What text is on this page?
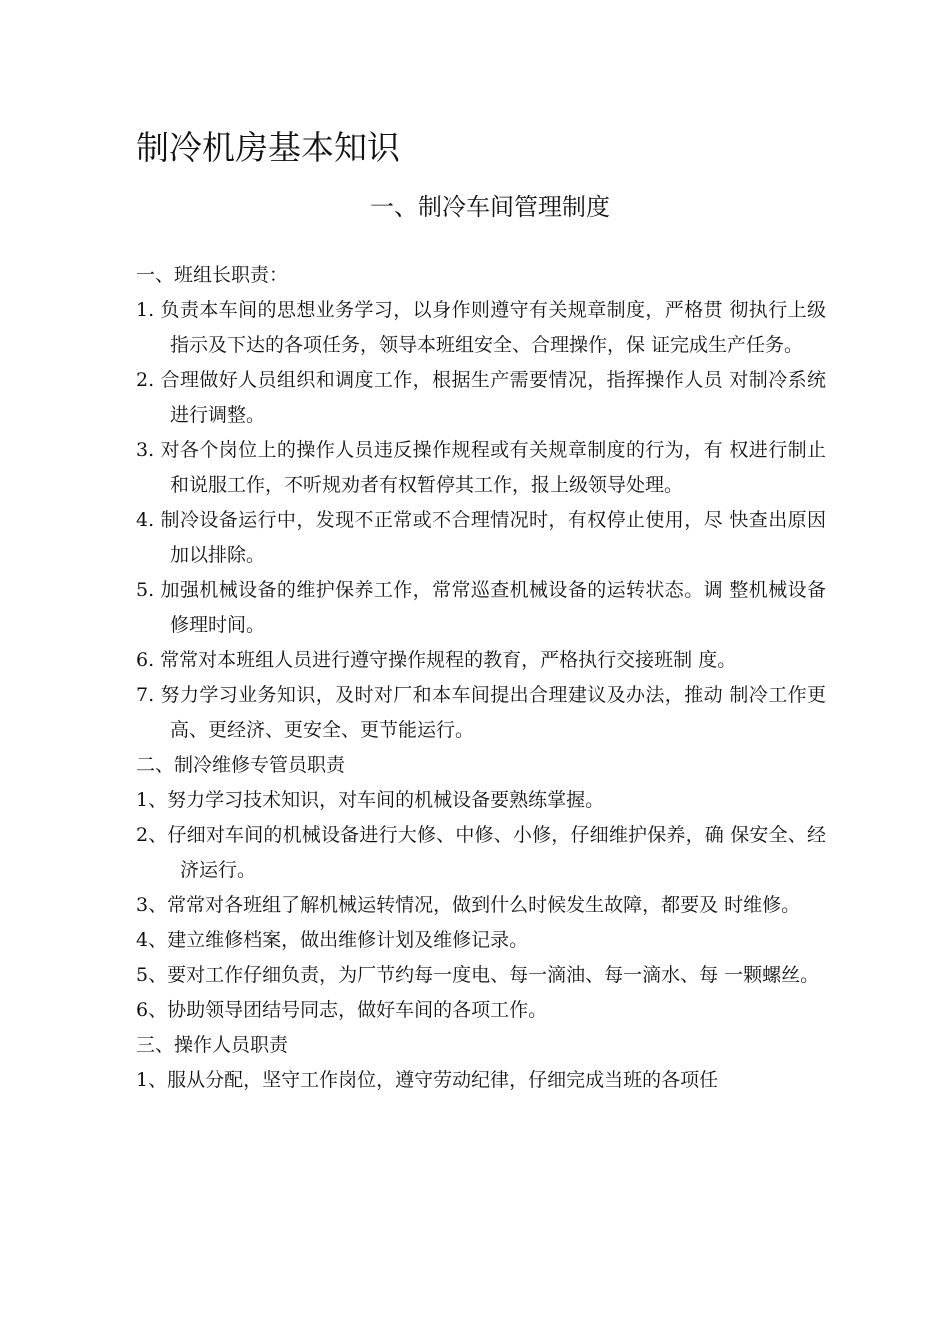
制冷机房基本知识
一、制冷车间管理制度

一、班组长职责：

1. 负责本车间的思想业务学习，以身作则遵守有关规章制度，严格贯 彻执行上级指示及下达的各项任务，领导本班组安全、合理操作，保 证完成生产任务。

2. 合理做好人员组织和调度工作，根据生产需要情况，指挥操作人员 对制冷系统进行调整。

3. 对各个岗位上的操作人员违反操作规程或有关规章制度的行为，有 权进行制止和说服工作，不听规劝者有权暂停其工作，报上级领导处理。

4. 制冷设备运行中，发现不正常或不合理情况时，有权停止使用，尽 快查出原因加以排除。

5. 加强机械设备的维护保养工作，常常巡查机械设备的运转状态。调 整机械设备修理时间。

6. 常常对本班组人员进行遵守操作规程的教育，严格执行交接班制 度。

7. 努力学习业务知识，及时对厂和本车间提出合理建议及办法，推动 制冷工作更高、更经济、更安全、更节能运行。

二、制冷维修专管员职责

1、努力学习技术知识，对车间的机械设备要熟练掌握。

2、仔细对车间的机械设备进行大修、中修、小修，仔细维护保养，确 保安全、经济运行。

3、常常对各班组了解机械运转情况，做到什么时候发生故障，都要及 时维修。

4、建立维修档案，做出维修计划及维修记录。

5、要对工作仔细负责，为厂节约每一度电、每一滴油、每一滴水、每 一颗螺丝。

6、协助领导团结号同志，做好车间的各项工作。

三、操作人员职责

1、服从分配，坚守工作岗位，遵守劳动纪律，仔细完成当班的各项任
